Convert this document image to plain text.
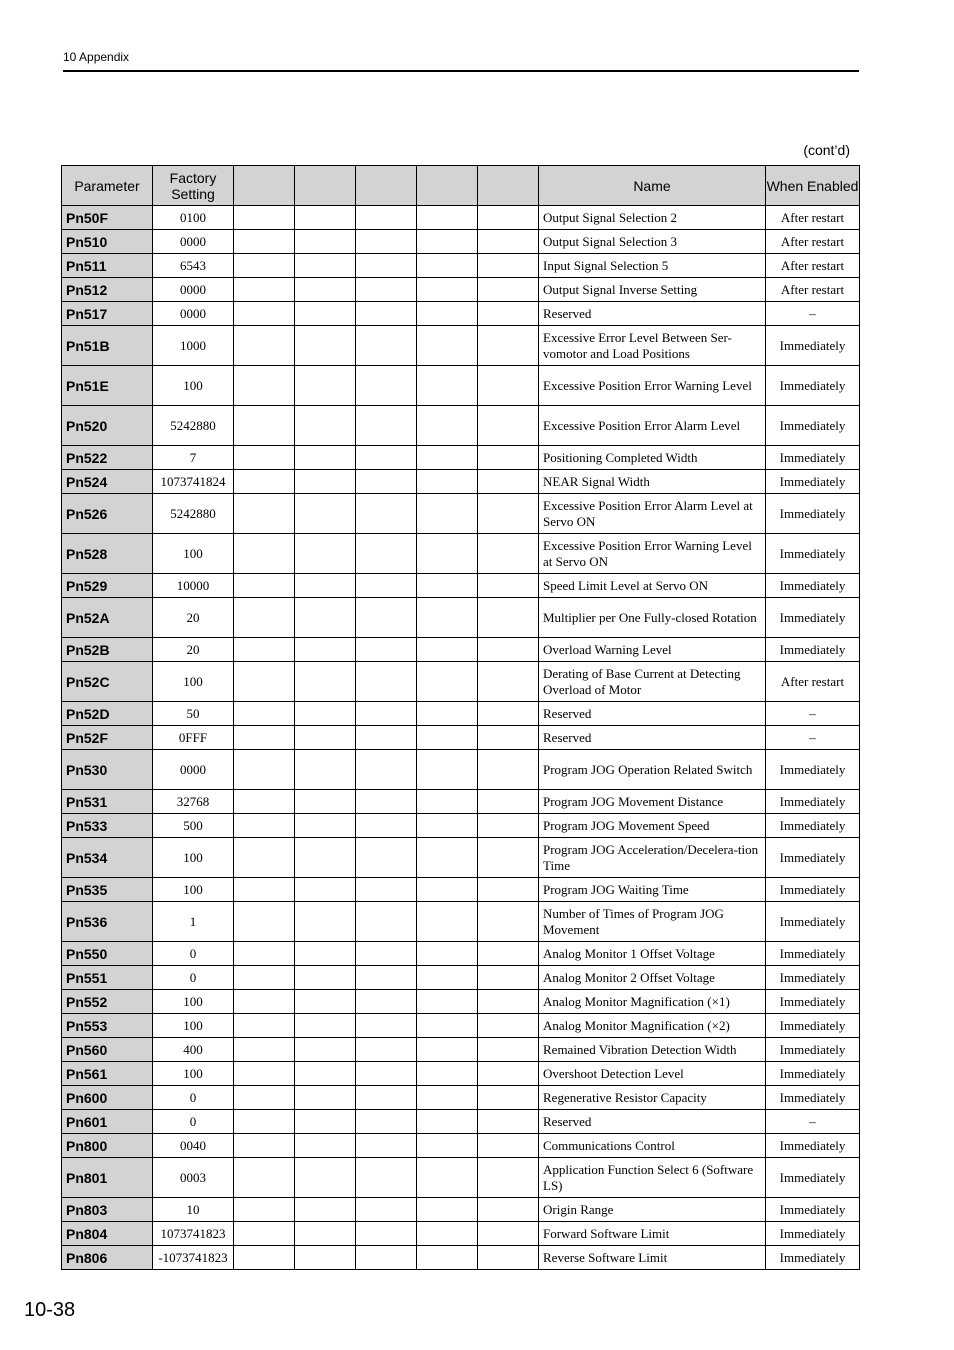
10 Appendix
(cont’d)
Parameter	Factory Setting						Name	When Enabled
Pn50F	0100						Output Signal Selection 2	After restart
Pn510	0000						Output Signal Selection 3	After restart
Pn511	6543						Input Signal Selection 5	After restart
Pn512	0000						Output Signal Inverse Setting	After restart
Pn517	0000						Reserved	–
Pn51B	1000						Excessive Error Level Between Ser-vomotor and Load Positions	Immediately
Pn51E	100						Excessive Position Error Warning Level	Immediately
Pn520	5242880						Excessive Position Error Alarm Level	Immediately
Pn522	7						Positioning Completed Width	Immediately
Pn524	1073741824						NEAR Signal Width	Immediately
Pn526	5242880						Excessive Position Error Alarm Level at Servo ON	Immediately
Pn528	100						Excessive Position Error Warning Level at Servo ON	Immediately
Pn529	10000						Speed Limit Level at Servo ON	Immediately
Pn52A	20						Multiplier per One Fully-closed Rotation	Immediately
Pn52B	20						Overload Warning Level	Immediately
Pn52C	100						Derating of Base Current at Detecting Overload of Motor	After restart
Pn52D	50						Reserved	–
Pn52F	0FFF						Reserved	–
Pn530	0000						Program JOG Operation Related Switch	Immediately
Pn531	32768						Program JOG Movement Distance	Immediately
Pn533	500						Program JOG Movement Speed	Immediately
Pn534	100						Program JOG Acceleration/Decelera-tion Time	Immediately
Pn535	100						Program JOG Waiting Time	Immediately
Pn536	1						Number of Times of Program JOG Movement	Immediately
Pn550	0						Analog Monitor 1 Offset Voltage	Immediately
Pn551	0						Analog Monitor 2 Offset Voltage	Immediately
Pn552	100						Analog Monitor Magnification (×1)	Immediately
Pn553	100						Analog Monitor Magnification (×2)	Immediately
Pn560	400						Remained Vibration Detection Width	Immediately
Pn561	100						Overshoot Detection Level	Immediately
Pn600	0						Regenerative Resistor Capacity	Immediately
Pn601	0						Reserved	–
Pn800	0040						Communications Control	Immediately
Pn801	0003						Application Function Select 6 (Software LS)	Immediately
Pn803	10						Origin Range	Immediately
Pn804	1073741823						Forward Software Limit	Immediately
Pn806	-1073741823						Reverse Software Limit	Immediately
10-38
